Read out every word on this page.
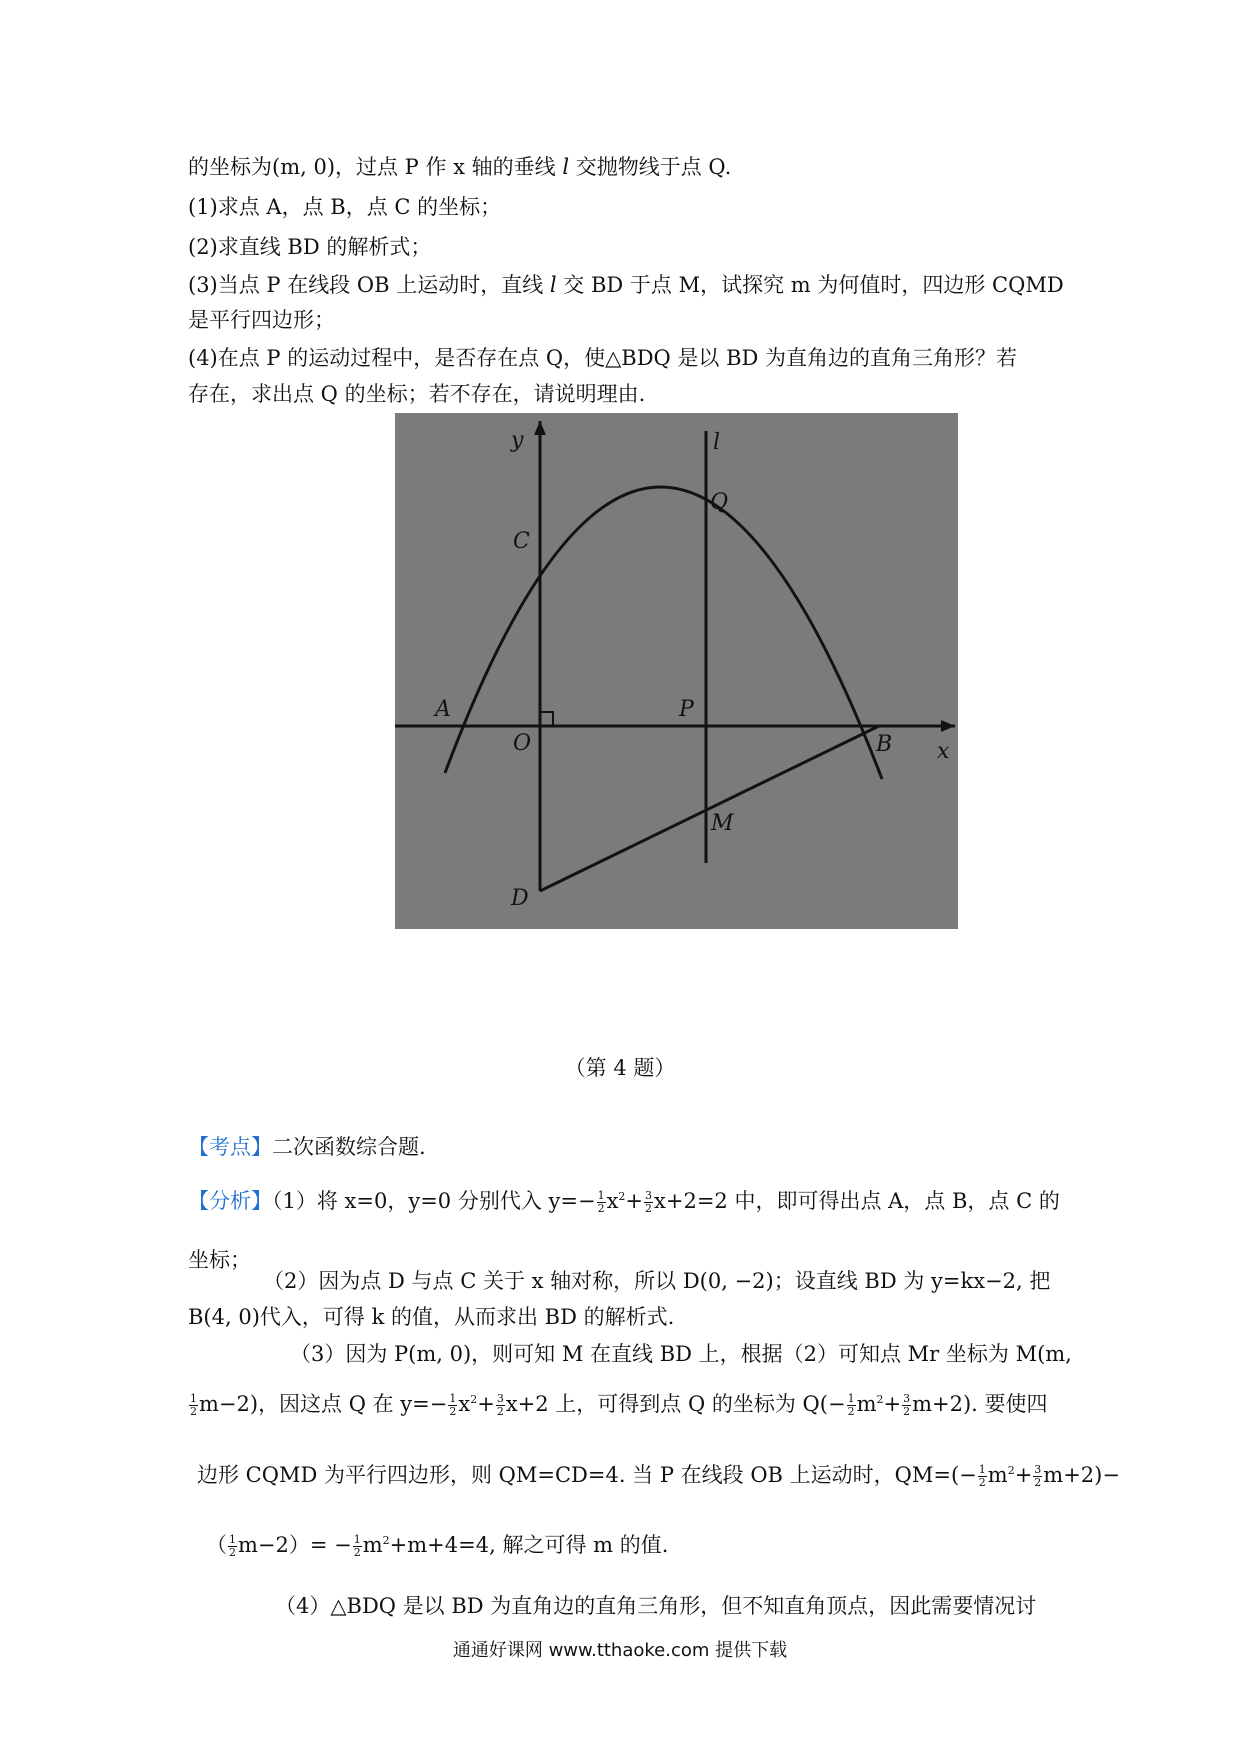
的坐标为(m, 0)，过点 P 作 x 轴的垂线 l 交抛物线于点 Q.
(1)求点 A，点 B，点 C 的坐标；
(2)求直线 BD 的解析式；
(3)当点 P 在线段 OB 上运动时，直线 l 交 BD 于点 M，试探究 m 为何值时，四边形 CQMD
是平行四边形；
(4)在点 P 的运动过程中，是否存在点 Q，使△BDQ 是以 BD 为直角边的直角三角形？若
存在，求出点 Q 的坐标；若不存在，请说明理由.
y	l
Q
C
A
O
P
B x
M
D
（第 4 题）
【考点】二次函数综合题.
【分析】（1）将 x=0，y=0 分别代入 $y=- \frac{1}{2} x^2+ \frac{3}{2} x+2=2$ 中，即可得出点 A，点 B，点 C 的
坐标；
（2）因为点 D 与点 C 关于 x 轴对称，所以 D(0, −2)；设直线 BD 为 y=kx−2, 把
B(4, 0)代入，可得 k 的值，从而求出 BD 的解析式.
（3）因为 P(m, 0)，则可知 M 在直线 BD 上，根据（2）可知点 Mr 坐标为 M(m,
$\frac{1}{2} m-2$)，因这点 Q 在 $y=- \frac{1}{2} x^2+ \frac{3}{2} x+2$ 上，可得到点 Q 的坐标为 $Q(- \frac{1}{2} m^2+ \frac{3}{2} m+2)$. 要使四
边形 CQMD 为平行四边形，则 QM=CD=4. 当 P 在线段 OB 上运动时，$QM=(- \frac{1}{2} m^2+ \frac{3}{2} m+2)-$
（ $\frac{1}{2} m-2)= - \frac{1}{2} m^2+m+4=4$, 解之可得 m 的值.
（4）△BDQ 是以 BD 为直角边的直角三角形，但不知直角顶点，因此需要情况讨
通通好课网 www.tthaoke.com 提供下载
